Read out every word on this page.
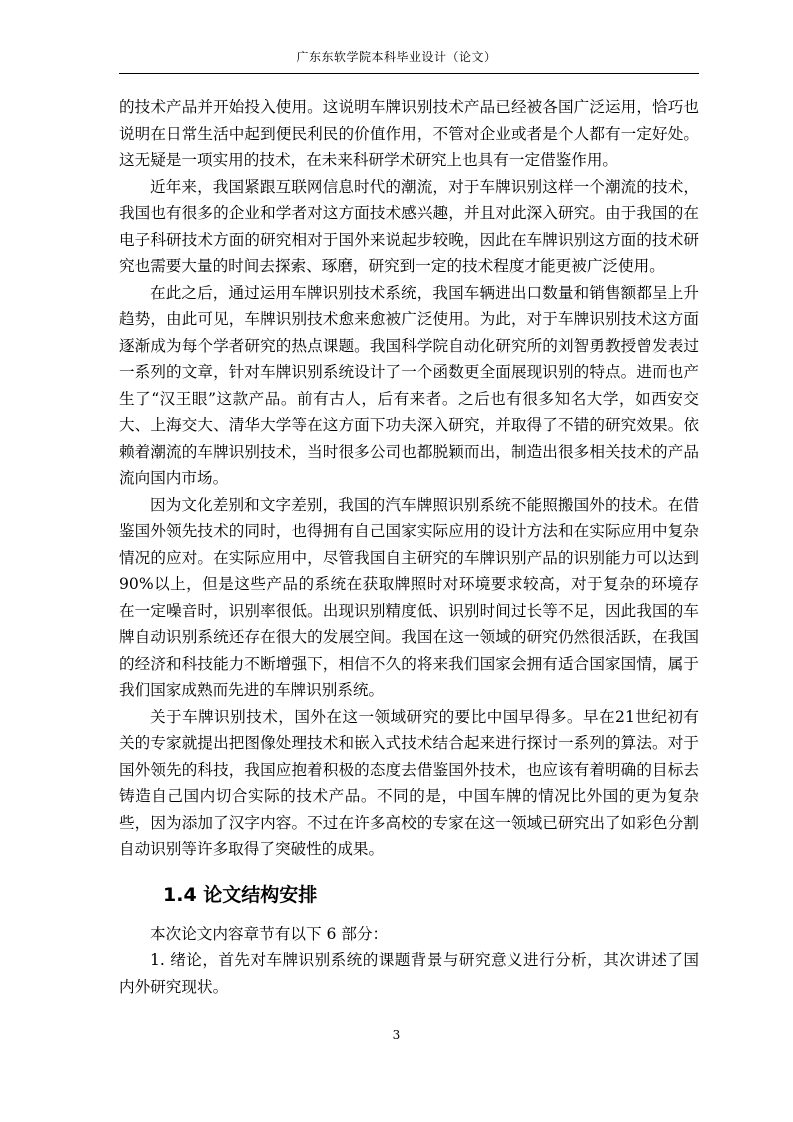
广东东软学院本科毕业设计（论文）

的技术产品并开始投入使用。这说明车牌识别技术产品已经被各国广泛运用，恰巧也说明在日常生活中起到便民利民的价值作用，不管对企业或者是个人都有一定好处。这无疑是一项实用的技术，在未来科研学术研究上也具有一定借鉴作用。

近年来，我国紧跟互联网信息时代的潮流，对于车牌识别这样一个潮流的技术，我国也有很多的企业和学者对这方面技术感兴趣，并且对此深入研究。由于我国的在电子科研技术方面的研究相对于国外来说起步较晚，因此在车牌识别这方面的技术研究也需要大量的时间去探索、琢磨，研究到一定的技术程度才能更被广泛使用。

在此之后，通过运用车牌识别技术系统，我国车辆进出口数量和销售额都呈上升趋势，由此可见，车牌识别技术愈来愈被广泛使用。为此，对于车牌识别技术这方面逐渐成为每个学者研究的热点课题。我国科学院自动化研究所的刘智勇教授曾发表过一系列的文章，针对车牌识别系统设计了一个函数更全面展现识别的特点。进而也产生了“汉王眼”这款产品。前有古人，后有来者。之后也有很多知名大学，如西安交大、上海交大、清华大学等在这方面下功夫深入研究，并取得了不错的研究效果。依赖着潮流的车牌识别技术，当时很多公司也都脱颖而出，制造出很多相关技术的产品流向国内市场。

因为文化差别和文字差别，我国的汽车牌照识别系统不能照搬国外的技术。在借鉴国外领先技术的同时，也得拥有自己国家实际应用的设计方法和在实际应用中复杂情况的应对。在实际应用中，尽管我国自主研究的车牌识别产品的识别能力可以达到90%以上，但是这些产品的系统在获取牌照时对环境要求较高，对于复杂的环境存在一定噪音时，识别率很低。出现识别精度低、识别时间过长等不足，因此我国的车牌自动识别系统还存在很大的发展空间。我国在这一领域的研究仍然很活跃，在我国的经济和科技能力不断增强下，相信不久的将来我们国家会拥有适合国家国情，属于我们国家成熟而先进的车牌识别系统。

关于车牌识别技术，国外在这一领域研究的要比中国早得多。早在21世纪初有关的专家就提出把图像处理技术和嵌入式技术结合起来进行探讨一系列的算法。对于国外领先的科技，我国应抱着积极的态度去借鉴国外技术，也应该有着明确的目标去铸造自己国内切合实际的技术产品。不同的是，中国车牌的情况比外国的更为复杂些，因为添加了汉字内容。不过在许多高校的专家在这一领域已研究出了如彩色分割自动识别等许多取得了突破性的成果。

1.4 论文结构安排

本次论文内容章节有以下 6 部分：

1. 绪论，首先对车牌识别系统的课题背景与研究意义进行分析，其次讲述了国内外研究现状。

3
